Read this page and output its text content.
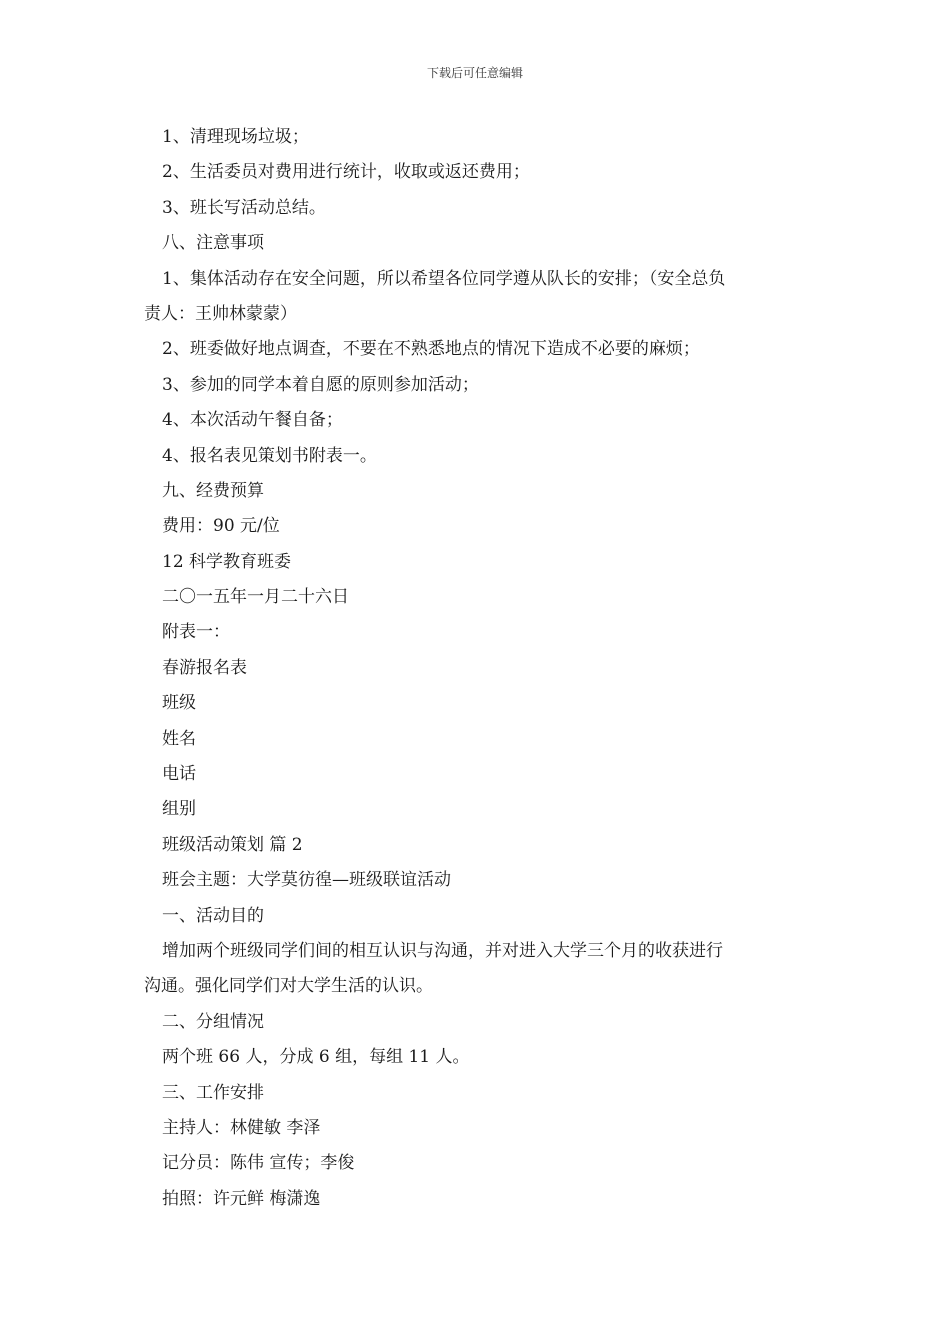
下载后可任意编辑
1、清理现场垃圾；
2、生活委员对费用进行统计，收取或返还费用；
3、班长写活动总结。
八、注意事项
1、集体活动存在安全问题，所以希望各位同学遵从队长的安排；（安全总负
责人：王帅林蒙蒙）
2、班委做好地点调查，不要在不熟悉地点的情况下造成不必要的麻烦；
3、参加的同学本着自愿的原则参加活动；
4、本次活动午餐自备；
4、报名表见策划书附表一。
九、经费预算
费用：90 元/位
12 科学教育班委
二〇一五年一月二十六日
附表一：
春游报名表
班级
姓名
电话
组别
班级活动策划 篇 2
班会主题：大学莫彷徨—班级联谊活动
一、活动目的
增加两个班级同学们间的相互认识与沟通，并对进入大学三个月的收获进行
沟通。强化同学们对大学生活的认识。
二、分组情况
两个班 66 人，分成 6 组，每组 11 人。
三、工作安排
主持人：林健敏 李泽
记分员：陈伟 宣传；李俊
拍照：许元鲜 梅潇逸
